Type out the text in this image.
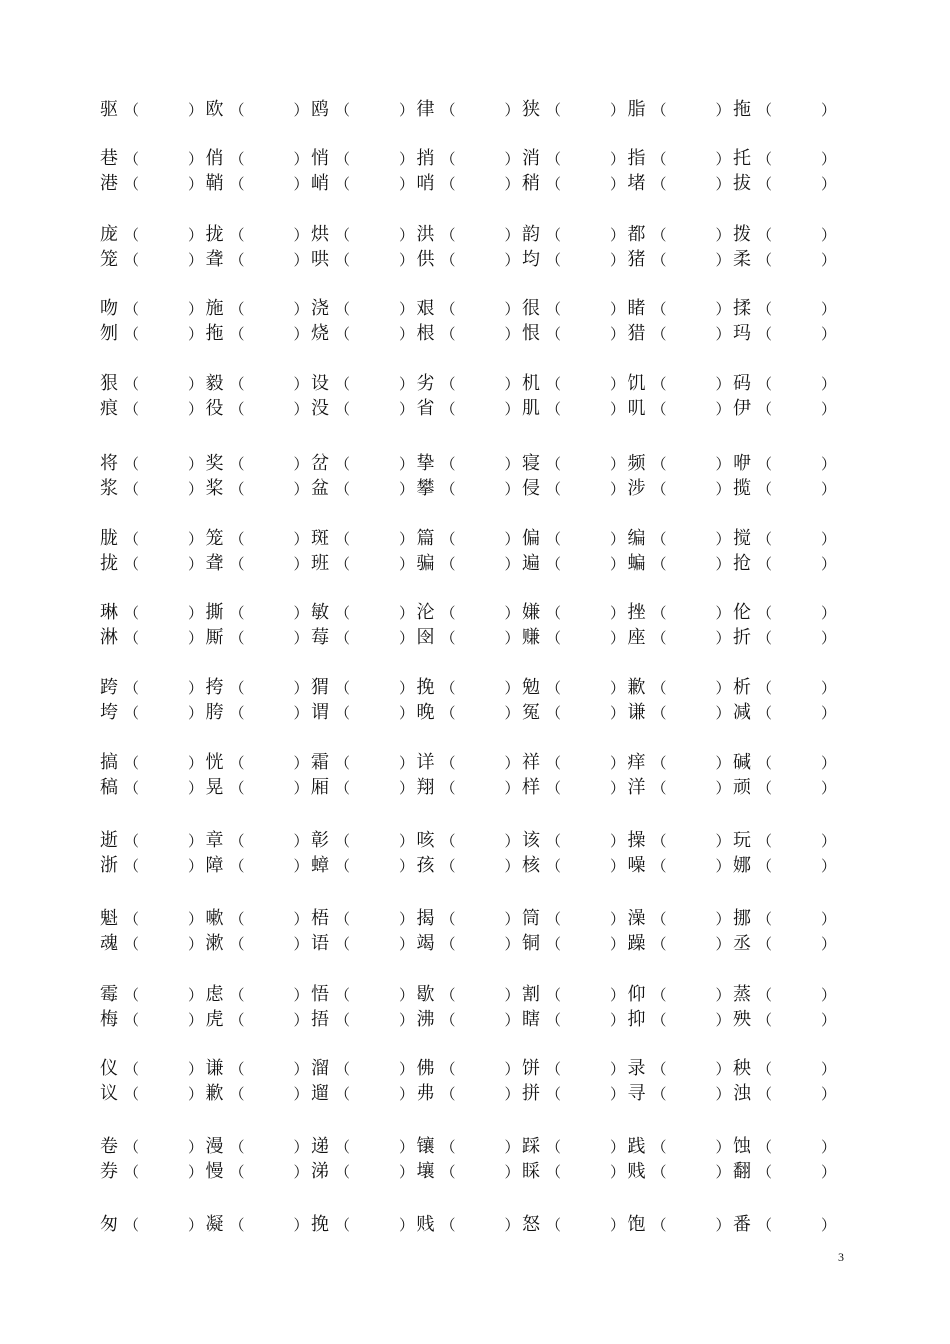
驱 （	） 欧 （	） 鸥 （	） 律 （	） 狭 （	） 脂 （	） 拖 （	）
巷 （	） 俏 （	） 悄 （	） 捎 （	） 消 （	） 指 （	） 托 （	）
港 （	） 鞘 （	） 峭 （	） 哨 （	） 稍 （	） 堵 （	） 拔 （	）
庞 （	） 拢 （	） 烘 （	） 洪 （	） 韵 （	） 都 （	） 拨 （	）
笼 （	） 聋 （	） 哄 （	） 供 （	） 均 （	） 猪 （	） 柔 （	）
吻 （	） 施 （	） 浇 （	） 艰 （	） 很 （	） 睹 （	） 揉 （	）
刎 （	） 拖 （	） 烧 （	） 根 （	） 恨 （	） 猎 （	） 玛 （	）
狠 （	） 毅 （	） 设 （	） 劣 （	） 机 （	） 饥 （	） 码 （	）
痕 （	） 役 （	） 没 （	） 省 （	） 肌 （	） 叽 （	） 伊 （	）
将 （	） 奖 （	） 岔 （	） 挚 （	） 寝 （	） 频 （	） 咿 （	）
浆 （	） 桨 （	） 盆 （	） 攀 （	） 侵 （	） 涉 （	） 揽 （	）
胧 （	） 笼 （	） 斑 （	） 篇 （	） 偏 （	） 编 （	） 搅 （	）
拢 （	） 聋 （	） 班 （	） 骗 （	） 遍 （	） 蝙 （	） 抢 （	）
琳 （	） 撕 （	） 敏 （	） 沦 （	） 嫌 （	） 挫 （	） 伦 （	）
淋 （	） 厮 （	） 莓 （	） 囹 （	） 赚 （	） 座 （	） 折 （	）
跨 （	） 挎 （	） 猬 （	） 挽 （	） 勉 （	） 歉 （	） 析 （	）
垮 （	） 胯 （	） 谓 （	） 晚 （	） 冤 （	） 谦 （	） 减 （	）
搞 （	） 恍 （	） 霜 （	） 详 （	） 祥 （	） 痒 （	） 碱 （	）
稿 （	） 晃 （	） 厢 （	） 翔 （	） 样 （	） 洋 （	） 顽 （	）
逝 （	） 章 （	） 彰 （	） 咳 （	） 该 （	） 操 （	） 玩 （	）
浙 （	） 障 （	） 蟑 （	） 孩 （	） 核 （	） 噪 （	） 娜 （	）
魁 （	） 嗽 （	） 梧 （	） 揭 （	） 筒 （	） 澡 （	） 挪 （	）
魂 （	） 漱 （	） 语 （	） 竭 （	） 铜 （	） 躁 （	） 丞 （	）
霉 （	） 虑 （	） 悟 （	） 歇 （	） 割 （	） 仰 （	） 蒸 （	）
梅 （	） 虎 （	） 捂 （	） 沸 （	） 瞎 （	） 抑 （	） 殃 （	）
仪 （	） 谦 （	） 溜 （	） 佛 （	） 饼 （	） 录 （	） 秧 （	）
议 （	） 歉 （	） 遛 （	） 弗 （	） 拼 （	） 寻 （	） 浊 （	）
卷 （	） 漫 （	） 递 （	） 镶 （	） 踩 （	） 践 （	） 蚀 （	）
券 （	） 慢 （	） 涕 （	） 壤 （	） 睬 （	） 贱 （	） 翻 （	）
匆 （	） 凝 （	） 挽 （	） 贱 （	） 怒 （	） 饱 （	） 番 （	）
3
